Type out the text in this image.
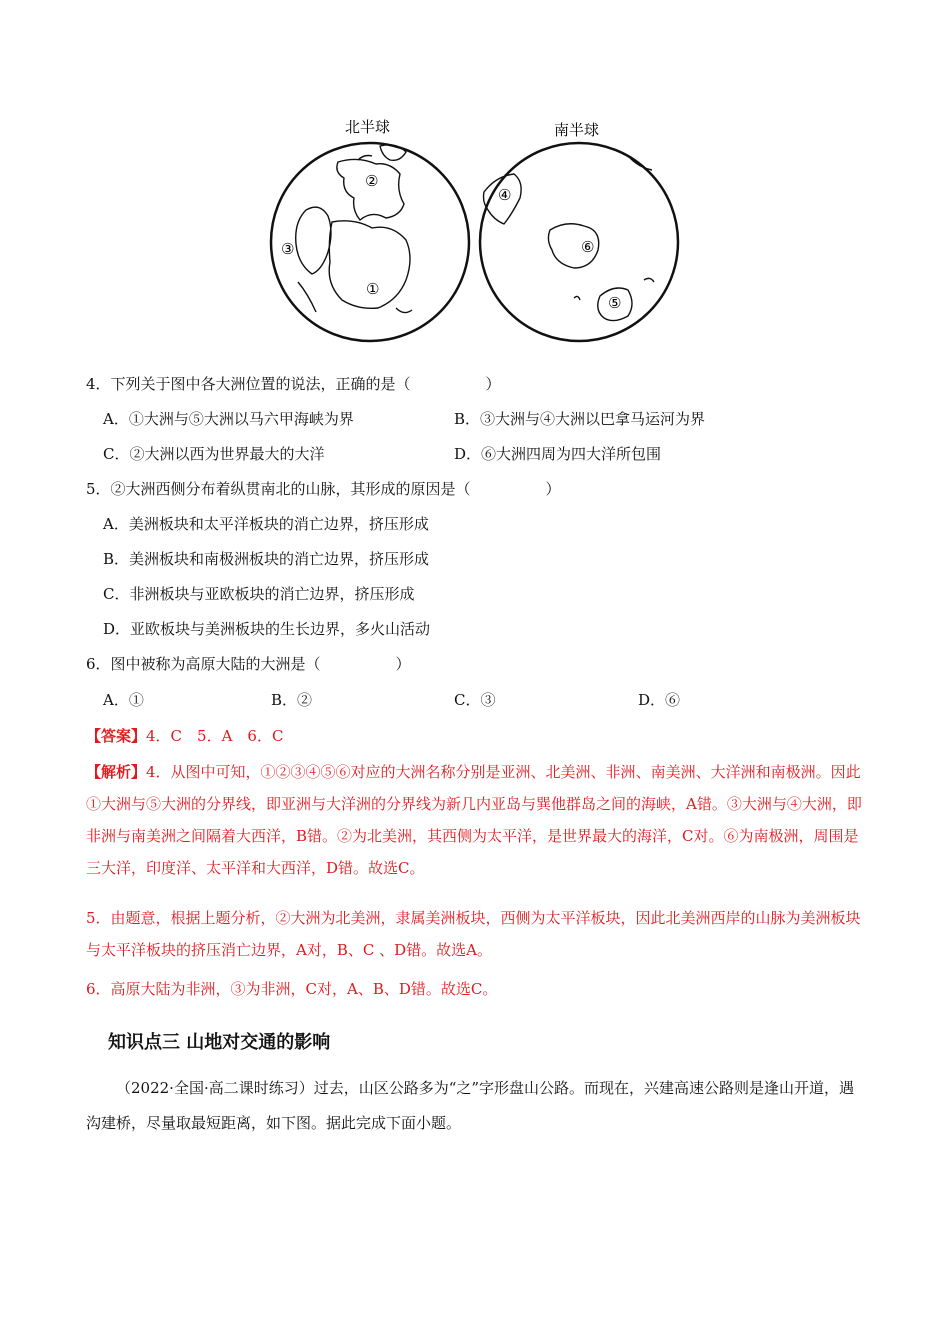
北半球	南半球
②
③
①
④
⑥
⑤
4．下列关于图中各大洲位置的说法，正确的是（　　　　　）
A．①大洲与⑤大洲以马六甲海峡为界	B．③大洲与④大洲以巴拿马运河为界
C．②大洲以西为世界最大的大洋	D．⑥大洲四周为四大洋所包围
5．②大洲西侧分布着纵贯南北的山脉，其形成的原因是（　　　　　）
A．美洲板块和太平洋板块的消亡边界，挤压形成
B．美洲板块和南极洲板块的消亡边界，挤压形成
C．非洲板块与亚欧板块的消亡边界，挤压形成
D．亚欧板块与美洲板块的生长边界，多火山活动
6．图中被称为高原大陆的大洲是（　　　　　）
A．①	B．②	C．③	D．⑥
【答案】4．C　5．A　6．C
【解析】4．从图中可知，①②③④⑤⑥对应的大洲名称分别是亚洲、北美洲、非洲、南美洲、大洋洲和南极洲。因此①大洲与⑤大洲的分界线，即亚洲与大洋洲的分界线为新几内亚岛与巽他群岛之间的海峡，A错。③大洲与④大洲，即非洲与南美洲之间隔着大西洋，B错。②为北美洲，其西侧为太平洋，是世界最大的海洋，C对。⑥为南极洲，周围是三大洋，印度洋、太平洋和大西洋，D错。故选C。
5．由题意，根据上题分析，②大洲为北美洲，隶属美洲板块，西侧为太平洋板块，因此北美洲西岸的山脉为美洲板块与太平洋板块的挤压消亡边界，A对，B、C 、D错。故选A。
6．高原大陆为非洲，③为非洲，C对，A、B、D错。故选C。
知识点三 山地对交通的影响
（2022·全国·高二课时练习）过去，山区公路多为“之”字形盘山公路。而现在，兴建高速公路则是逢山开道，遇沟建桥，尽量取最短距离，如下图。据此完成下面小题。
